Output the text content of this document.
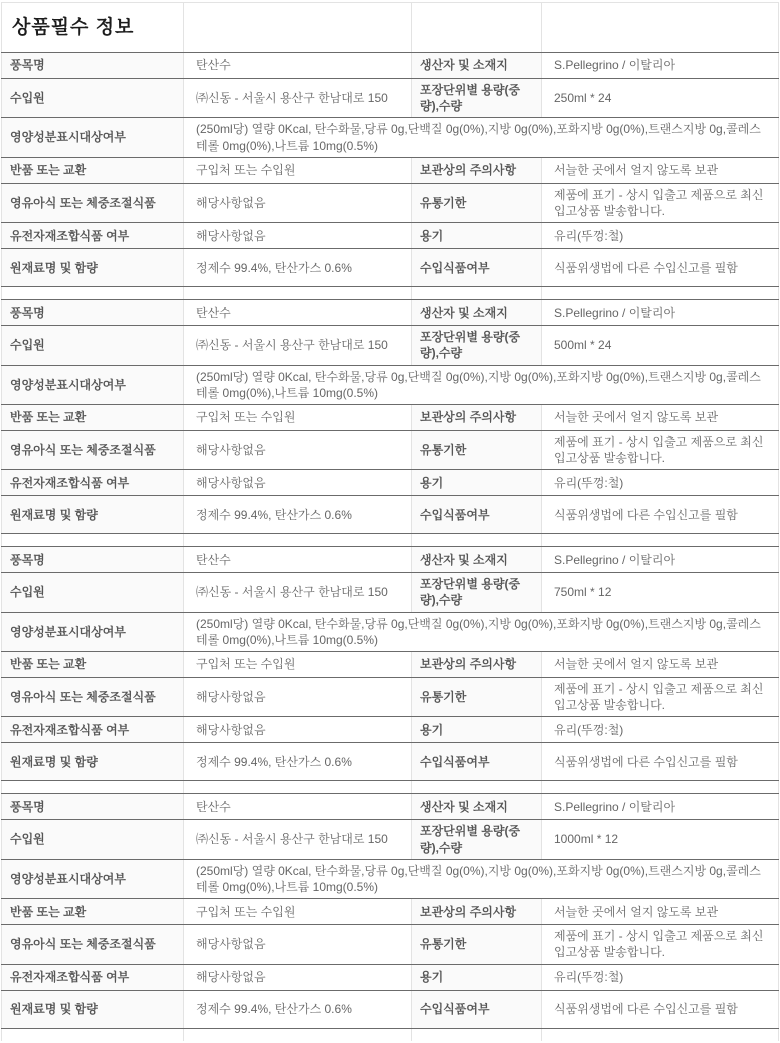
상품필수 정보			
풍목명	탄산수	생산자 및 소재지	S.Pellegrino / 이탈리아
수입원	㈜신동 - 서울시 용산구 한남대로 150	포장단위별 용량(중량),수량	250ml * 24
영양성분표시대상여부	(250ml당) 열량 0Kcal, 탄수화물,당류 0g,단백질 0g(0%),지방 0g(0%),포화지방 0g(0%),트랜스지방 0g,콜레스테롤 0mg(0%),나트륨 10mg(0.5%)		
반품 또는 교환	구입처 또는 수입원	보관상의 주의사항	서늘한 곳에서 얼지 않도록 보관
영유아식 또는 체중조절식품	해당사항없음	유통기한	제품에 표기 - 상시 입출고 제품으로 최신 입고상품 발송합니다.
유전자재조합식품 여부	해당사항없음	용기	유리(뚜껑:철)
원재료명 및 함량	정제수 99.4%, 탄산가스 0.6%	수입식품여부	식품위생법에 다른 수입신고를 필함

풍목명	탄산수	생산자 및 소재지	S.Pellegrino / 이탈리아
수입원	㈜신동 - 서울시 용산구 한남대로 150	포장단위별 용량(중량),수량	500ml * 24
영양성분표시대상여부	(250ml당) 열량 0Kcal, 탄수화물,당류 0g,단백질 0g(0%),지방 0g(0%),포화지방 0g(0%),트랜스지방 0g,콜레스테롤 0mg(0%),나트륨 10mg(0.5%)		
반품 또는 교환	구입처 또는 수입원	보관상의 주의사항	서늘한 곳에서 얼지 않도록 보관
영유아식 또는 체중조절식품	해당사항없음	유통기한	제품에 표기 - 상시 입출고 제품으로 최신 입고상품 발송합니다.
유전자재조합식품 여부	해당사항없음	용기	유리(뚜껑:철)
원재료명 및 함량	정제수 99.4%, 탄산가스 0.6%	수입식품여부	식품위생법에 다른 수입신고를 필함

풍목명	탄산수	생산자 및 소재지	S.Pellegrino / 이탈리아
수입원	㈜신동 - 서울시 용산구 한남대로 150	포장단위별 용량(중량),수량	750ml * 12
영양성분표시대상여부	(250ml당) 열량 0Kcal, 탄수화물,당류 0g,단백질 0g(0%),지방 0g(0%),포화지방 0g(0%),트랜스지방 0g,콜레스테롤 0mg(0%),나트륨 10mg(0.5%)		
반품 또는 교환	구입처 또는 수입원	보관상의 주의사항	서늘한 곳에서 얼지 않도록 보관
영유아식 또는 체중조절식품	해당사항없음	유통기한	제품에 표기 - 상시 입출고 제품으로 최신 입고상품 발송합니다.
유전자재조합식품 여부	해당사항없음	용기	유리(뚜껑:철)
원재료명 및 함량	정제수 99.4%, 탄산가스 0.6%	수입식품여부	식품위생법에 다른 수입신고를 필함

풍목명	탄산수	생산자 및 소재지	S.Pellegrino / 이탈리아
수입원	㈜신동 - 서울시 용산구 한남대로 150	포장단위별 용량(중량),수량	1000ml * 12
영양성분표시대상여부	(250ml당) 열량 0Kcal, 탄수화물,당류 0g,단백질 0g(0%),지방 0g(0%),포화지방 0g(0%),트랜스지방 0g,콜레스테롤 0mg(0%),나트륨 10mg(0.5%)		
반품 또는 교환	구입처 또는 수입원	보관상의 주의사항	서늘한 곳에서 얼지 않도록 보관
영유아식 또는 체중조절식품	해당사항없음	유통기한	제품에 표기 - 상시 입출고 제품으로 최신 입고상품 발송합니다.
유전자재조합식품 여부	해당사항없음	용기	유리(뚜껑:철)
원재료명 및 함량	정제수 99.4%, 탄산가스 0.6%	수입식품여부	식품위생법에 다른 수입신고를 필함
